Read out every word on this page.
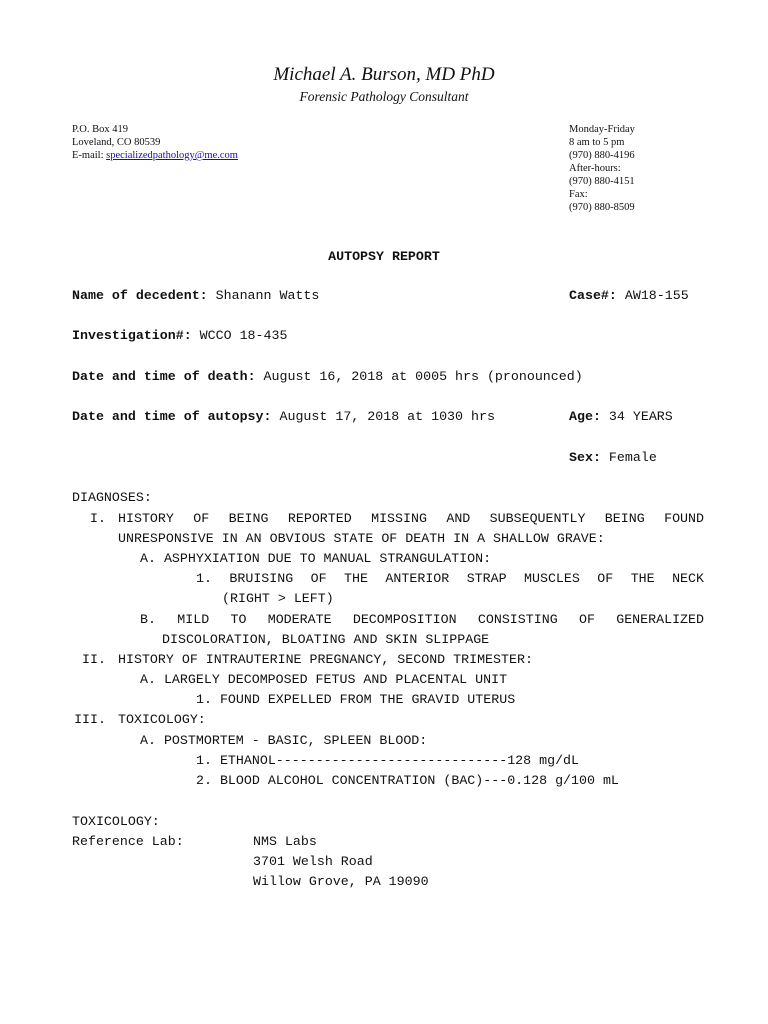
Michael A. Burson, MD PhD
Forensic Pathology Consultant
P.O. Box 419
Loveland, CO 80539
E-mail: specializedpathology@me.com
Monday-Friday
8 am to 5 pm
(970) 880-4196
After-hours:
(970) 880-4151
Fax:
(970) 880-8509
AUTOPSY REPORT
Name of decedent: Shanann Watts	Case#: AW18-155
Investigation#: WCCO 18-435
Date and time of death: August 16, 2018 at 0005 hrs (pronounced)
Date and time of autopsy: August 17, 2018 at 1030 hrs	Age: 34 YEARS
Sex: Female
DIAGNOSES:
I. HISTORY OF BEING REPORTED MISSING AND SUBSEQUENTLY BEING FOUND
UNRESPONSIVE IN AN OBVIOUS STATE OF DEATH IN A SHALLOW GRAVE:
A. ASPHYXIATION DUE TO MANUAL STRANGULATION:
1. BRUISING OF THE ANTERIOR STRAP MUSCLES OF THE NECK
(RIGHT > LEFT)
B. MILD TO MODERATE DECOMPOSITION CONSISTING OF GENERALIZED
DISCOLORATION, BLOATING AND SKIN SLIPPAGE
II. HISTORY OF INTRAUTERINE PREGNANCY, SECOND TRIMESTER:
A. LARGELY DECOMPOSED FETUS AND PLACENTAL UNIT
1. FOUND EXPELLED FROM THE GRAVID UTERUS
III. TOXICOLOGY:
A. POSTMORTEM - BASIC, SPLEEN BLOOD:
1. ETHANOL-----------------------------128 mg/dL
2. BLOOD ALCOHOL CONCENTRATION (BAC)---0.128 g/100 mL
TOXICOLOGY:
Reference Lab:	NMS Labs
3701 Welsh Road
Willow Grove, PA 19090
